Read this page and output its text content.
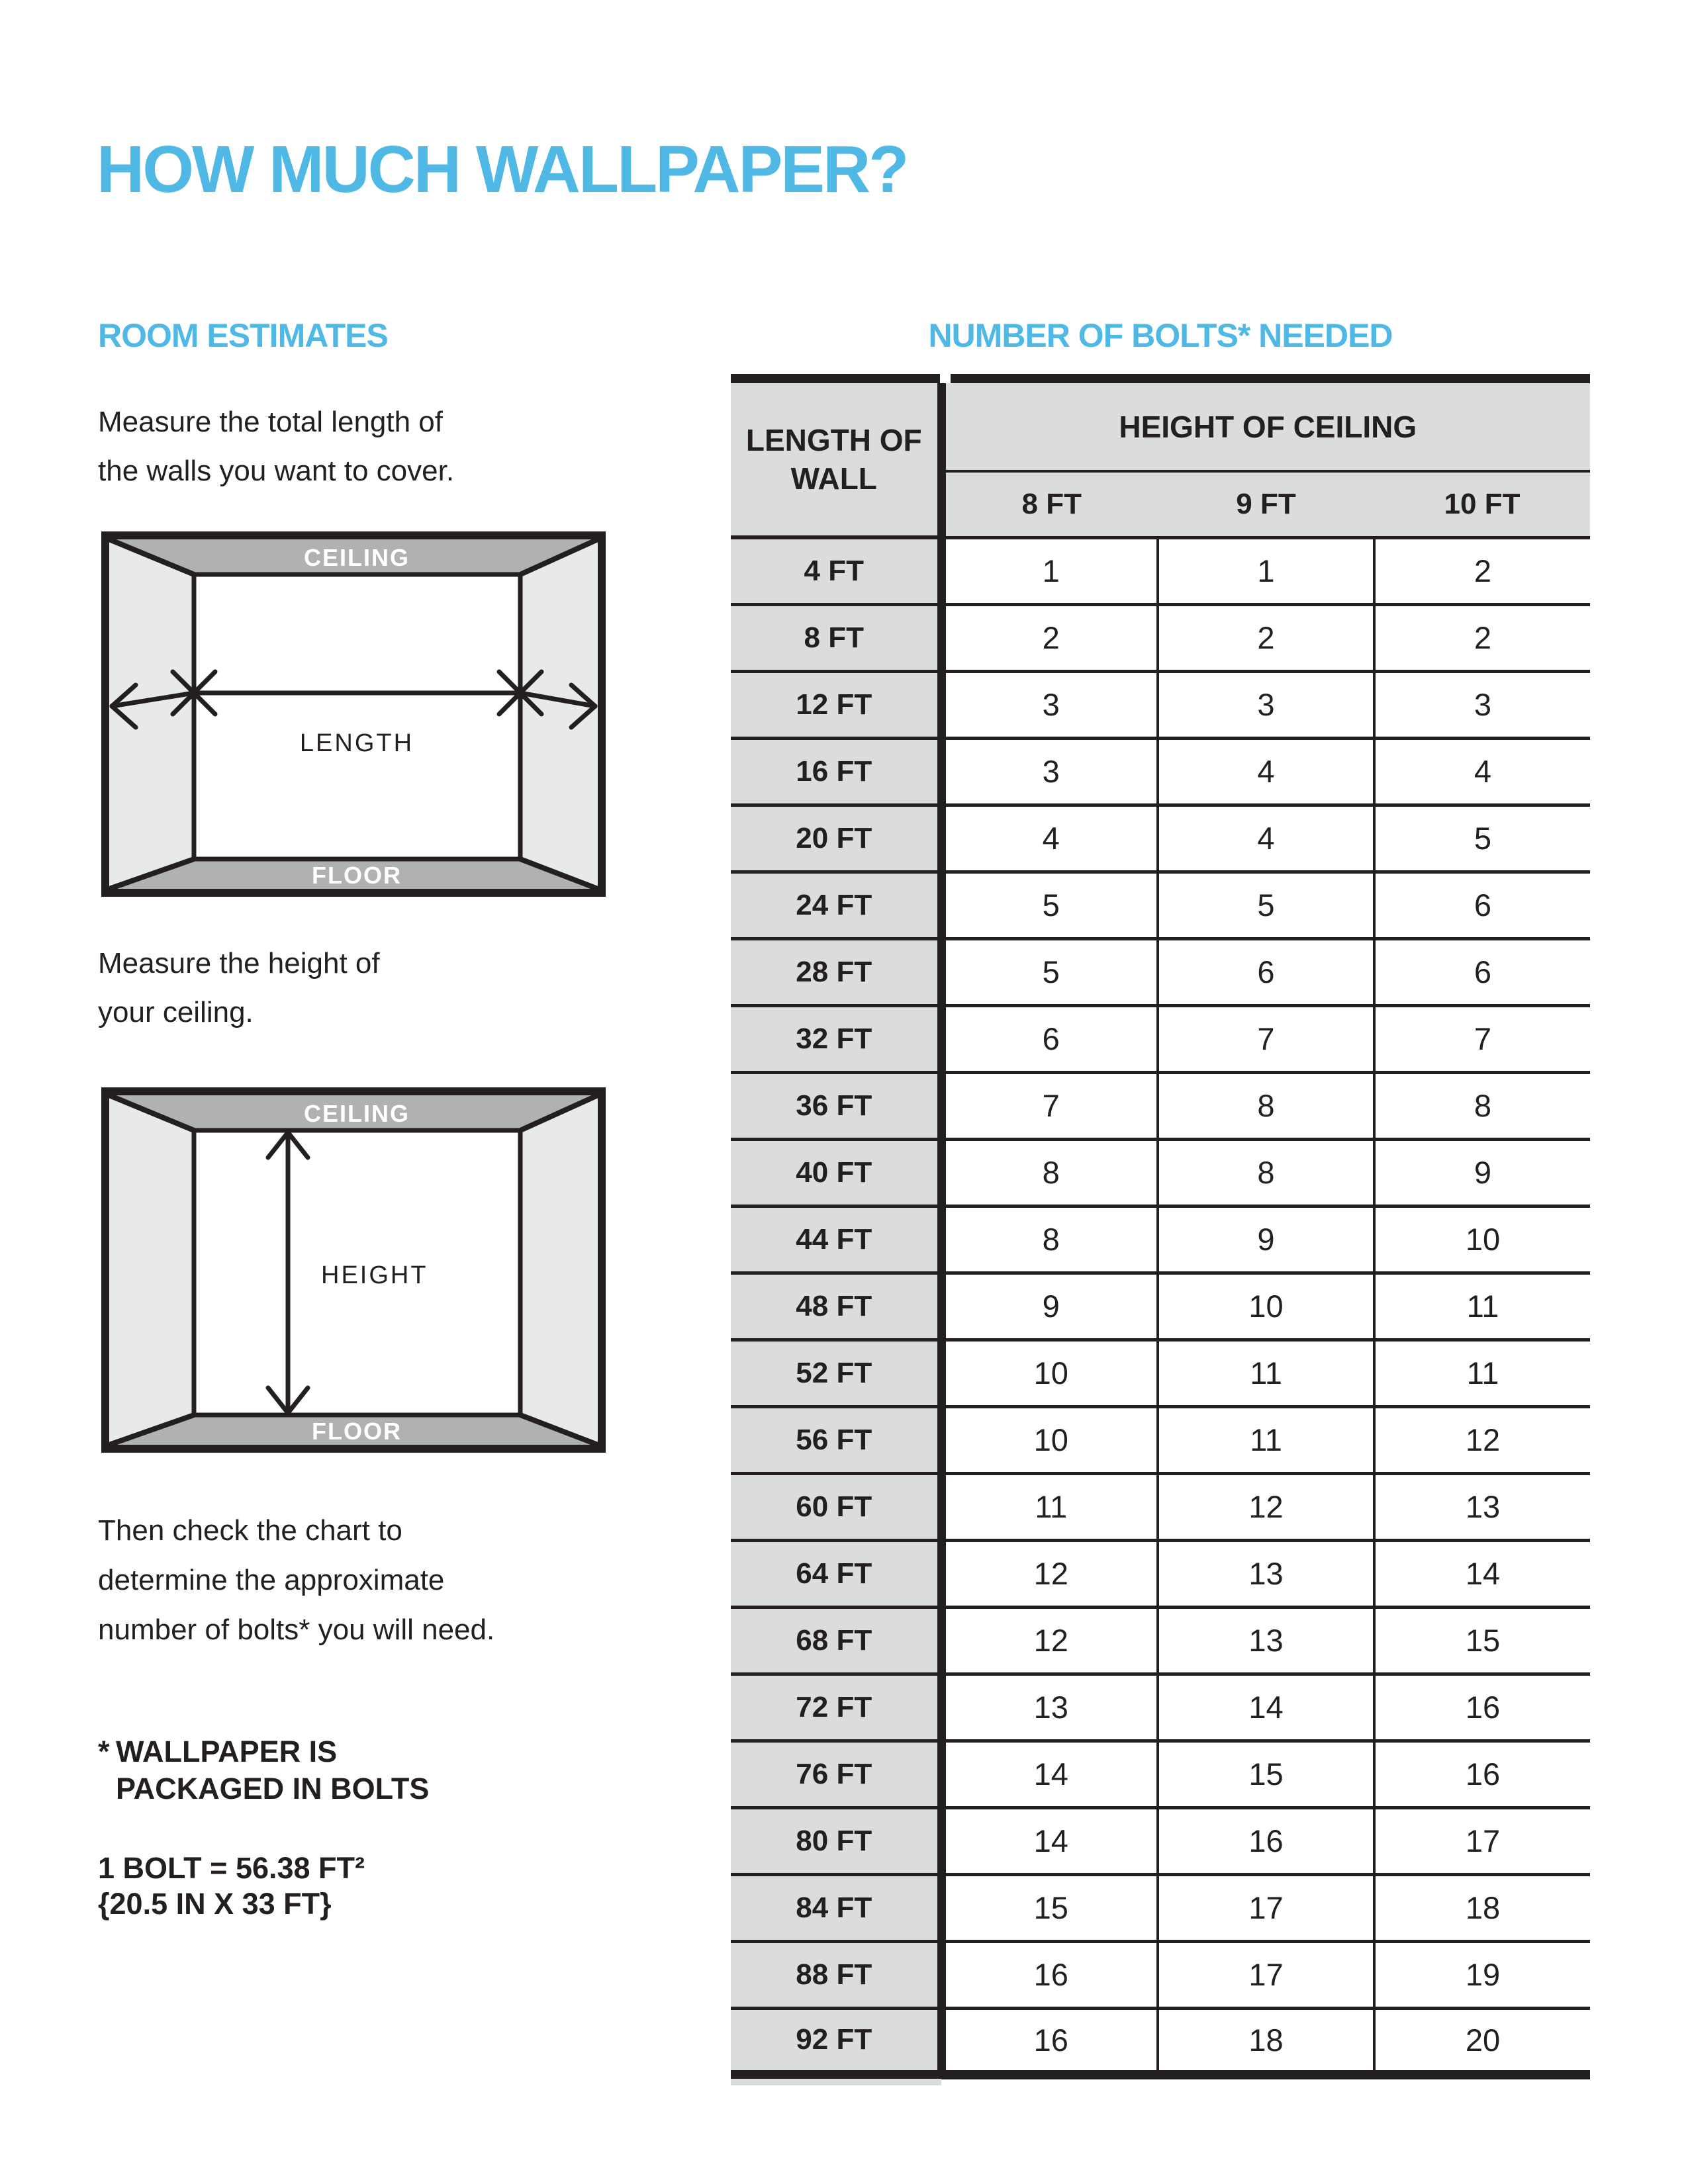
HOW MUCH WALLPAPER?
ROOM ESTIMATES	NUMBER OF BOLTS* NEEDED
Measure the total length of
the walls you want to cover.
CEILING
FLOOR
LENGTH
Measure the height of
your ceiling.
CEILING
FLOOR
HEIGHT
Then check the chart to
determine the approximate
number of bolts* you will need.
* WALLPAPER IS
PACKAGED IN BOLTS
1 BOLT = 56.38 FT²
{20.5 IN X 33 FT}
LENGTH OF WALL	HEIGHT OF CEILING		
	8 FT	9 FT	10 FT
4 FT	1	1	2
8 FT	2	2	2
12 FT	3	3	3
16 FT	3	4	4
20 FT	4	4	5
24 FT	5	5	6
28 FT	5	6	6
32 FT	6	7	7
36 FT	7	8	8
40 FT	8	8	9
44 FT	8	9	10
48 FT	9	10	11
52 FT	10	11	11
56 FT	10	11	12
60 FT	11	12	13
64 FT	12	13	14
68 FT	12	13	15
72 FT	13	14	16
76 FT	14	15	16
80 FT	14	16	17
84 FT	15	17	18
88 FT	16	17	19
92 FT	16	18	20
